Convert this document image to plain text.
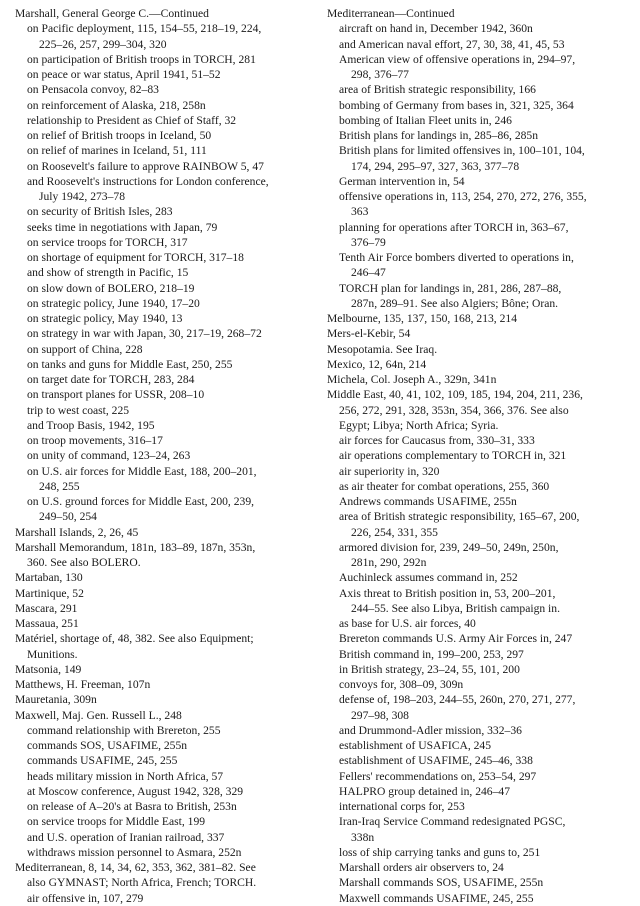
Marshall, General George C.—Continued
on Pacific deployment, 115, 154–55, 218–19, 224,
225–26, 257, 299–304, 320
on participation of British troops in TORCH, 281
on peace or war status, April 1941, 51–52
on Pensacola convoy, 82–83
on reinforcement of Alaska, 218, 258n
relationship to President as Chief of Staff, 32
on relief of British troops in Iceland, 50
on relief of marines in Iceland, 51, 111
on Roosevelt's failure to approve RAINBOW 5, 47
and Roosevelt's instructions for London conference,
July 1942, 273–78
on security of British Isles, 283
seeks time in negotiations with Japan, 79
on service troops for TORCH, 317
on shortage of equipment for TORCH, 317–18
and show of strength in Pacific, 15
on slow down of BOLERO, 218–19
on strategic policy, June 1940, 17–20
on strategic policy, May 1940, 13
on strategy in war with Japan, 30, 217–19, 268–72
on support of China, 228
on tanks and guns for Middle East, 250, 255
on target date for TORCH, 283, 284
on transport planes for USSR, 208–10
trip to west coast, 225
and Troop Basis, 1942, 195
on troop movements, 316–17
on unity of command, 123–24, 263
on U.S. air forces for Middle East, 188, 200–201,
248, 255
on U.S. ground forces for Middle East, 200, 239,
249–50, 254
Marshall Islands, 2, 26, 45
Marshall Memorandum, 181n, 183–89, 187n, 353n,
360. See also BOLERO.
Martaban, 130
Martinique, 52
Mascara, 291
Massaua, 251
Matériel, shortage of, 48, 382. See also Equipment;
Munitions.
Matsonia, 149
Matthews, H. Freeman, 107n
Mauretania, 309n
Maxwell, Maj. Gen. Russell L., 248
command relationship with Brereton, 255
commands SOS, USAFIME, 255n
commands USAFIME, 245, 255
heads military mission in North Africa, 57
at Moscow conference, August 1942, 328, 329
on release of A–20's at Basra to British, 253n
on service troops for Middle East, 199
and U.S. operation of Iranian railroad, 337
withdraws mission personnel to Asmara, 252n
Mediterranean, 8, 14, 34, 62, 353, 362, 381–82. See
also GYMNAST; North Africa, French; TORCH.
air offensive in, 107, 279
Mediterranean—Continued
aircraft on hand in, December 1942, 360n
and American naval effort, 27, 30, 38, 41, 45, 53
American view of offensive operations in, 294–97,
298, 376–77
area of British strategic responsibility, 166
bombing of Germany from bases in, 321, 325, 364
bombing of Italian Fleet units in, 246
British plans for landings in, 285–86, 285n
British plans for limited offensives in, 100–101, 104,
174, 294, 295–97, 327, 363, 377–78
German intervention in, 54
offensive operations in, 113, 254, 270, 272, 276, 355,
363
planning for operations after TORCH in, 363–67,
376–79
Tenth Air Force bombers diverted to operations in,
246–47
TORCH plan for landings in, 281, 286, 287–88,
287n, 289–91. See also Algiers; Bône; Oran.
Melbourne, 135, 137, 150, 168, 213, 214
Mers-el-Kebir, 54
Mesopotamia. See Iraq.
Mexico, 12, 64n, 214
Michela, Col. Joseph A., 329n, 341n
Middle East, 40, 41, 102, 109, 185, 194, 204, 211, 236,
256, 272, 291, 328, 353n, 354, 366, 376. See also
Egypt; Libya; North Africa; Syria.
air forces for Caucasus from, 330–31, 333
air operations complementary to TORCH in, 321
air superiority in, 320
as air theater for combat operations, 255, 360
Andrews commands USAFIME, 255n
area of British strategic responsibility, 165–67, 200,
226, 254, 331, 355
armored division for, 239, 249–50, 249n, 250n,
281n, 290, 292n
Auchinleck assumes command in, 252
Axis threat to British position in, 53, 200–201,
244–55. See also Libya, British campaign in.
as base for U.S. air forces, 40
Brereton commands U.S. Army Air Forces in, 247
British command in, 199–200, 253, 297
in British strategy, 23–24, 55, 101, 200
convoys for, 308–09, 309n
defense of, 198–203, 244–55, 260n, 270, 271, 277,
297–98, 308
and Drummond-Adler mission, 332–36
establishment of USAFICA, 245
establishment of USAFIME, 245–46, 338
Fellers' recommendations on, 253–54, 297
HALPRO group detained in, 246–47
international corps for, 253
Iran-Iraq Service Command redesignated PGSC,
338n
loss of ship carrying tanks and guns to, 251
Marshall orders air observers to, 24
Marshall commands SOS, USAFIME, 255n
Maxwell commands USAFIME, 245, 255
